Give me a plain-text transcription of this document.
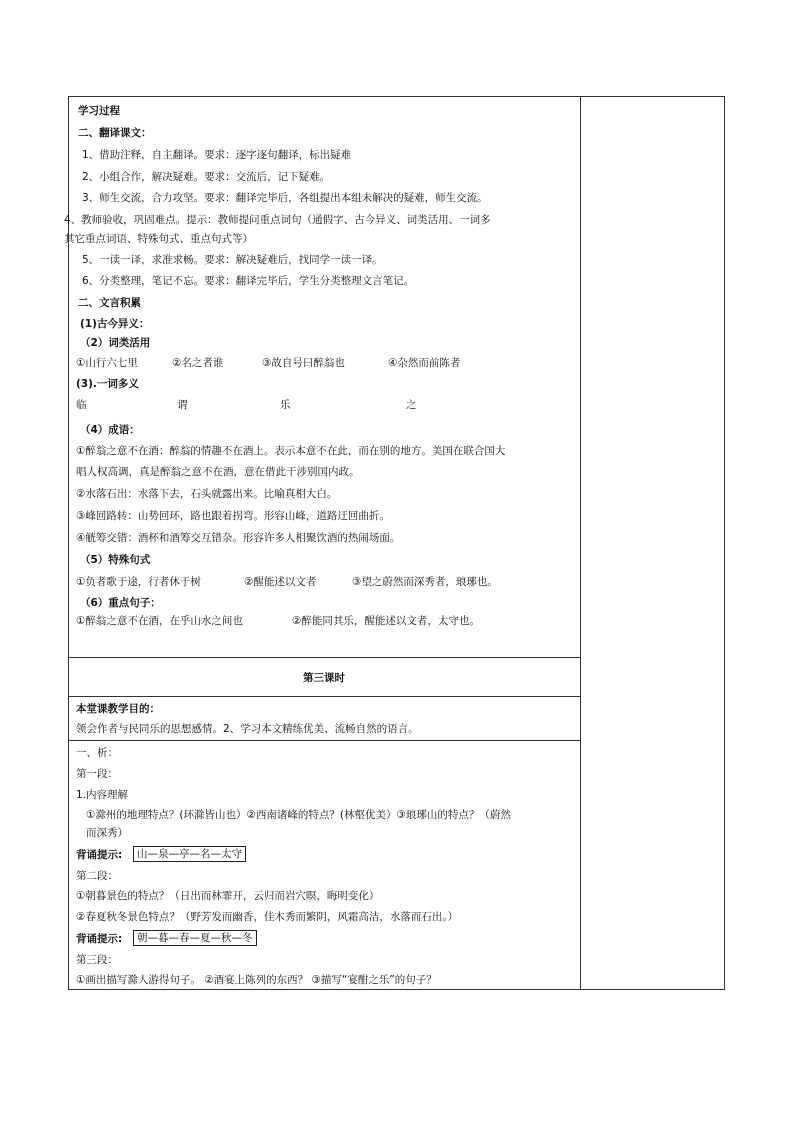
学习过程
二、翻译课文：
1、借助注释，自主翻译。要求：逐字逐句翻译，标出疑难
2、小组合作，解决疑难。要求：交流后，记下疑难。
3、师生交流，合力攻坚。要求：翻译完毕后，各组提出本组未解决的疑难，师生交流。
4、教师验收，巩固难点。提示：教师提问重点词句（通假字、古今异义、词类活用、一词多
其它重点词语、特殊句式、重点句式等）
5、一读一译，求准求畅。要求：解决疑难后，找同学一读一译。
6、分类整理，笔记不忘。要求：翻译完毕后，学生分类整理文言笔记。
二、文言积累
(1)古今异义：
（2）词类活用
①山行六七里	②名之者谁	③故自号曰醉翁也	④杂然而前陈者
(3).一词多义
临	谓	乐	之
（4）成语：
①醉翁之意不在酒：醉翁的情趣不在酒上。表示本意不在此，而在别的地方。美国在联合国大
唱人权高调，真是醉翁之意不在酒，意在借此干涉别国内政。
②水落石出：水落下去，石头就露出来。比喻真相大白。
③峰回路转：山势回环，路也跟着拐弯。形容山峰，道路迂回曲折。
④觥筹交错：酒杯和酒筹交互错杂。形容许多人相聚饮酒的热闹场面。
（5）特殊句式
①负者歌于途，行者休于树	②醒能述以文者	③望之蔚然而深秀者，琅琊也。
（6）重点句子：
①醉翁之意不在酒，在乎山水之间也	②醉能同其乐，醒能述以文者，太守也。
第三课时
本堂课教学目的：
领会作者与民同乐的思想感情。2、学习本文精练优美、流畅自然的语言。
一、析：
第一段：
1.内容理解
①滁州的地理特点？(环滁皆山也）②西南诸峰的特点？(林壑优美）③琅琊山的特点？（蔚然
而深秀）
背诵提示:	山—泉—亭—名—太守
第二段：
①朝暮景色的特点？（日出而林霏开，云归而岩穴暝，晦明变化）
②春夏秋冬景色特点？（野芳发而幽香，佳木秀而繁阴，风霜高洁，水落而石出。）
背诵提示:	朝—暮—春—夏—秋—冬
第三段：
①画出描写滁人游得句子。 ②酒宴上陈列的东西？ ③描写“宴酣之乐”的句子？
